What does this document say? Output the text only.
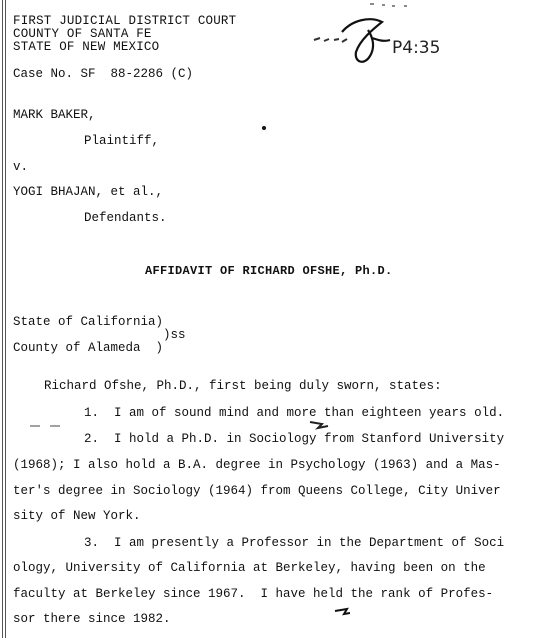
FIRST JUDICIAL DISTRICT COURT
COUNTY OF SANTA FE
STATE OF NEW MEXICO	P4:35
Case No. SF  88-2286 (C)
MARK BAKER,
Plaintiff,
v.
YOGI BHAJAN, et al.,
Defendants.
AFFIDAVIT OF RICHARD OFSHE, Ph.D.
State of California)
)ss
County of Alameda  )
Richard Ofshe, Ph.D., first being duly sworn, states:
1.  I am of sound mind and more than eighteen years old.
2.  I hold a Ph.D. in Sociology from Stanford University
(1968); I also hold a B.A. degree in Psychology (1963) and a Mas-
ter's degree in Sociology (1964) from Queens College, City Univer
sity of New York.
3.  I am presently a Professor in the Department of Soci
ology, University of California at Berkeley, having been on the
faculty at Berkeley since 1967.  I have held the rank of Profes-
sor there since 1982.
